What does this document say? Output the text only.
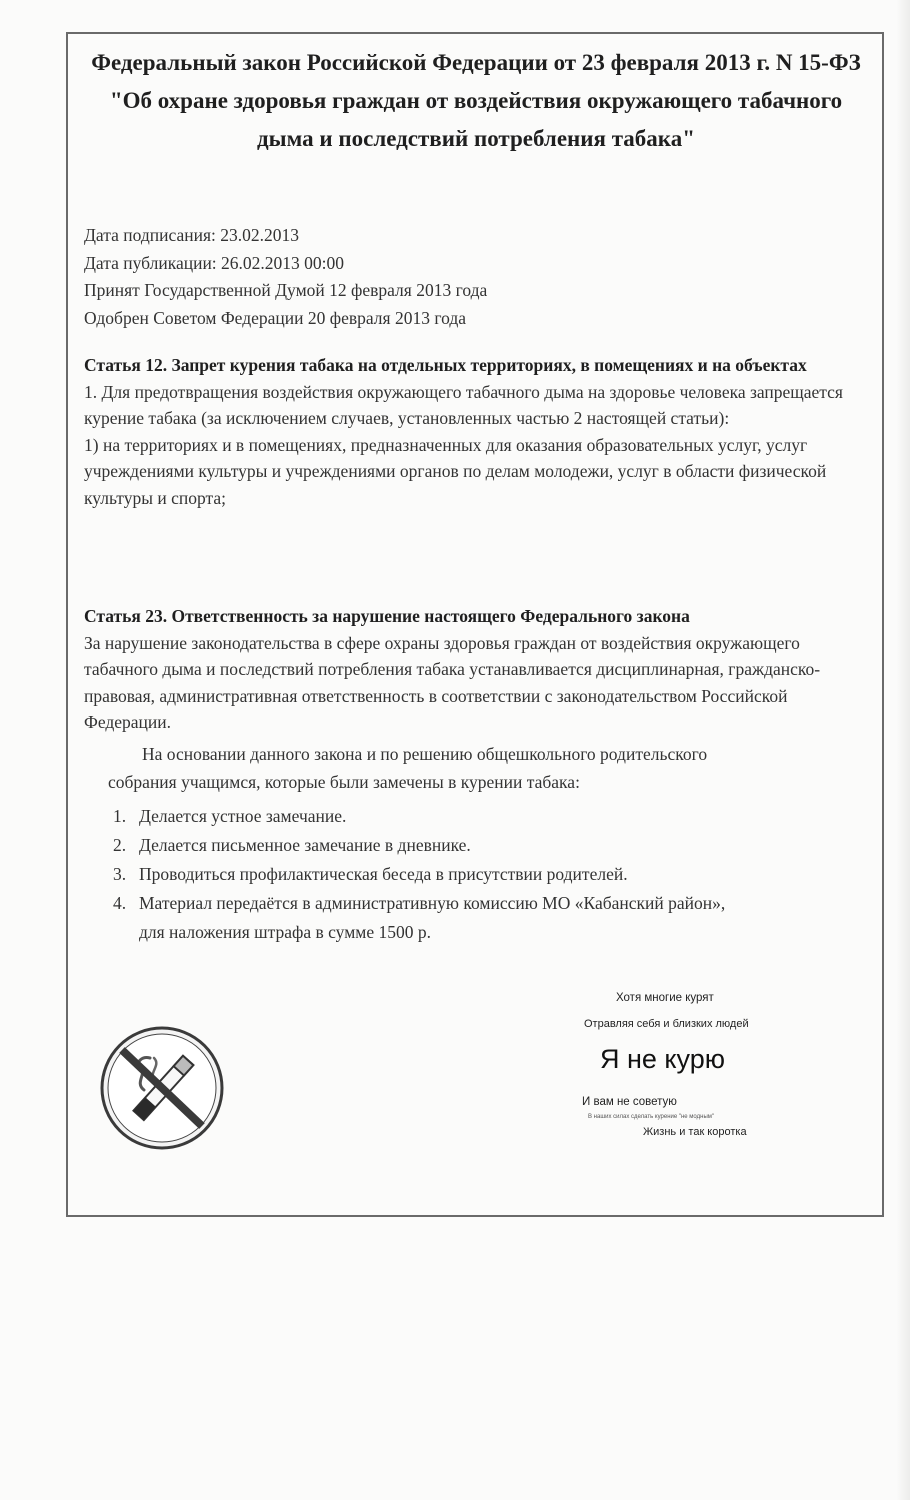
Федеральный закон Российской Федерации от 23 февраля 2013 г. N 15-ФЗ "Об охране здоровья граждан от воздействия окружающего табачного дыма и последствий потребления табака"
Дата подписания: 23.02.2013
Дата публикации: 26.02.2013 00:00
Принят Государственной Думой 12 февраля 2013 года
Одобрен Советом Федерации 20 февраля 2013 года
Статья 12. Запрет курения табака на отдельных территориях, в помещениях и на объектах

1. Для предотвращения воздействия окружающего табачного дыма на здоровье человека запрещается курение табака (за исключением случаев, установленных частью 2 настоящей статьи):

1) на территориях и в помещениях, предназначенных для оказания образовательных услуг, услуг учреждениями культуры и учреждениями органов по делам молодежи, услуг в области физической культуры и спорта;

Статья 23. Ответственность за нарушение настоящего Федерального закона

За нарушение законодательства в сфере охраны здоровья граждан от воздействия окружающего табачного дыма и последствий потребления табака устанавливается дисциплинарная, гражданско-правовая, административная ответственность в соответствии с законодательством Российской Федерации.

На основании данного закона и по решению общешкольного родительского

собрания учащимся, которые были замечены в курении табака:

1. Делается устное замечание.
2. Делается письменное замечание в дневнике.
3. Проводиться профилактическая беседа в присутствии родителей.
4. Материал передаётся в административную комиссию МО «Кабанский район»,
для наложения штрафа в сумме 1500 р.
Хотя многие курят
Отравляя себя и близких людей
Я не курю
И вам не советую
В наших силах сделать курение "не модным"
Жизнь и так коротка
